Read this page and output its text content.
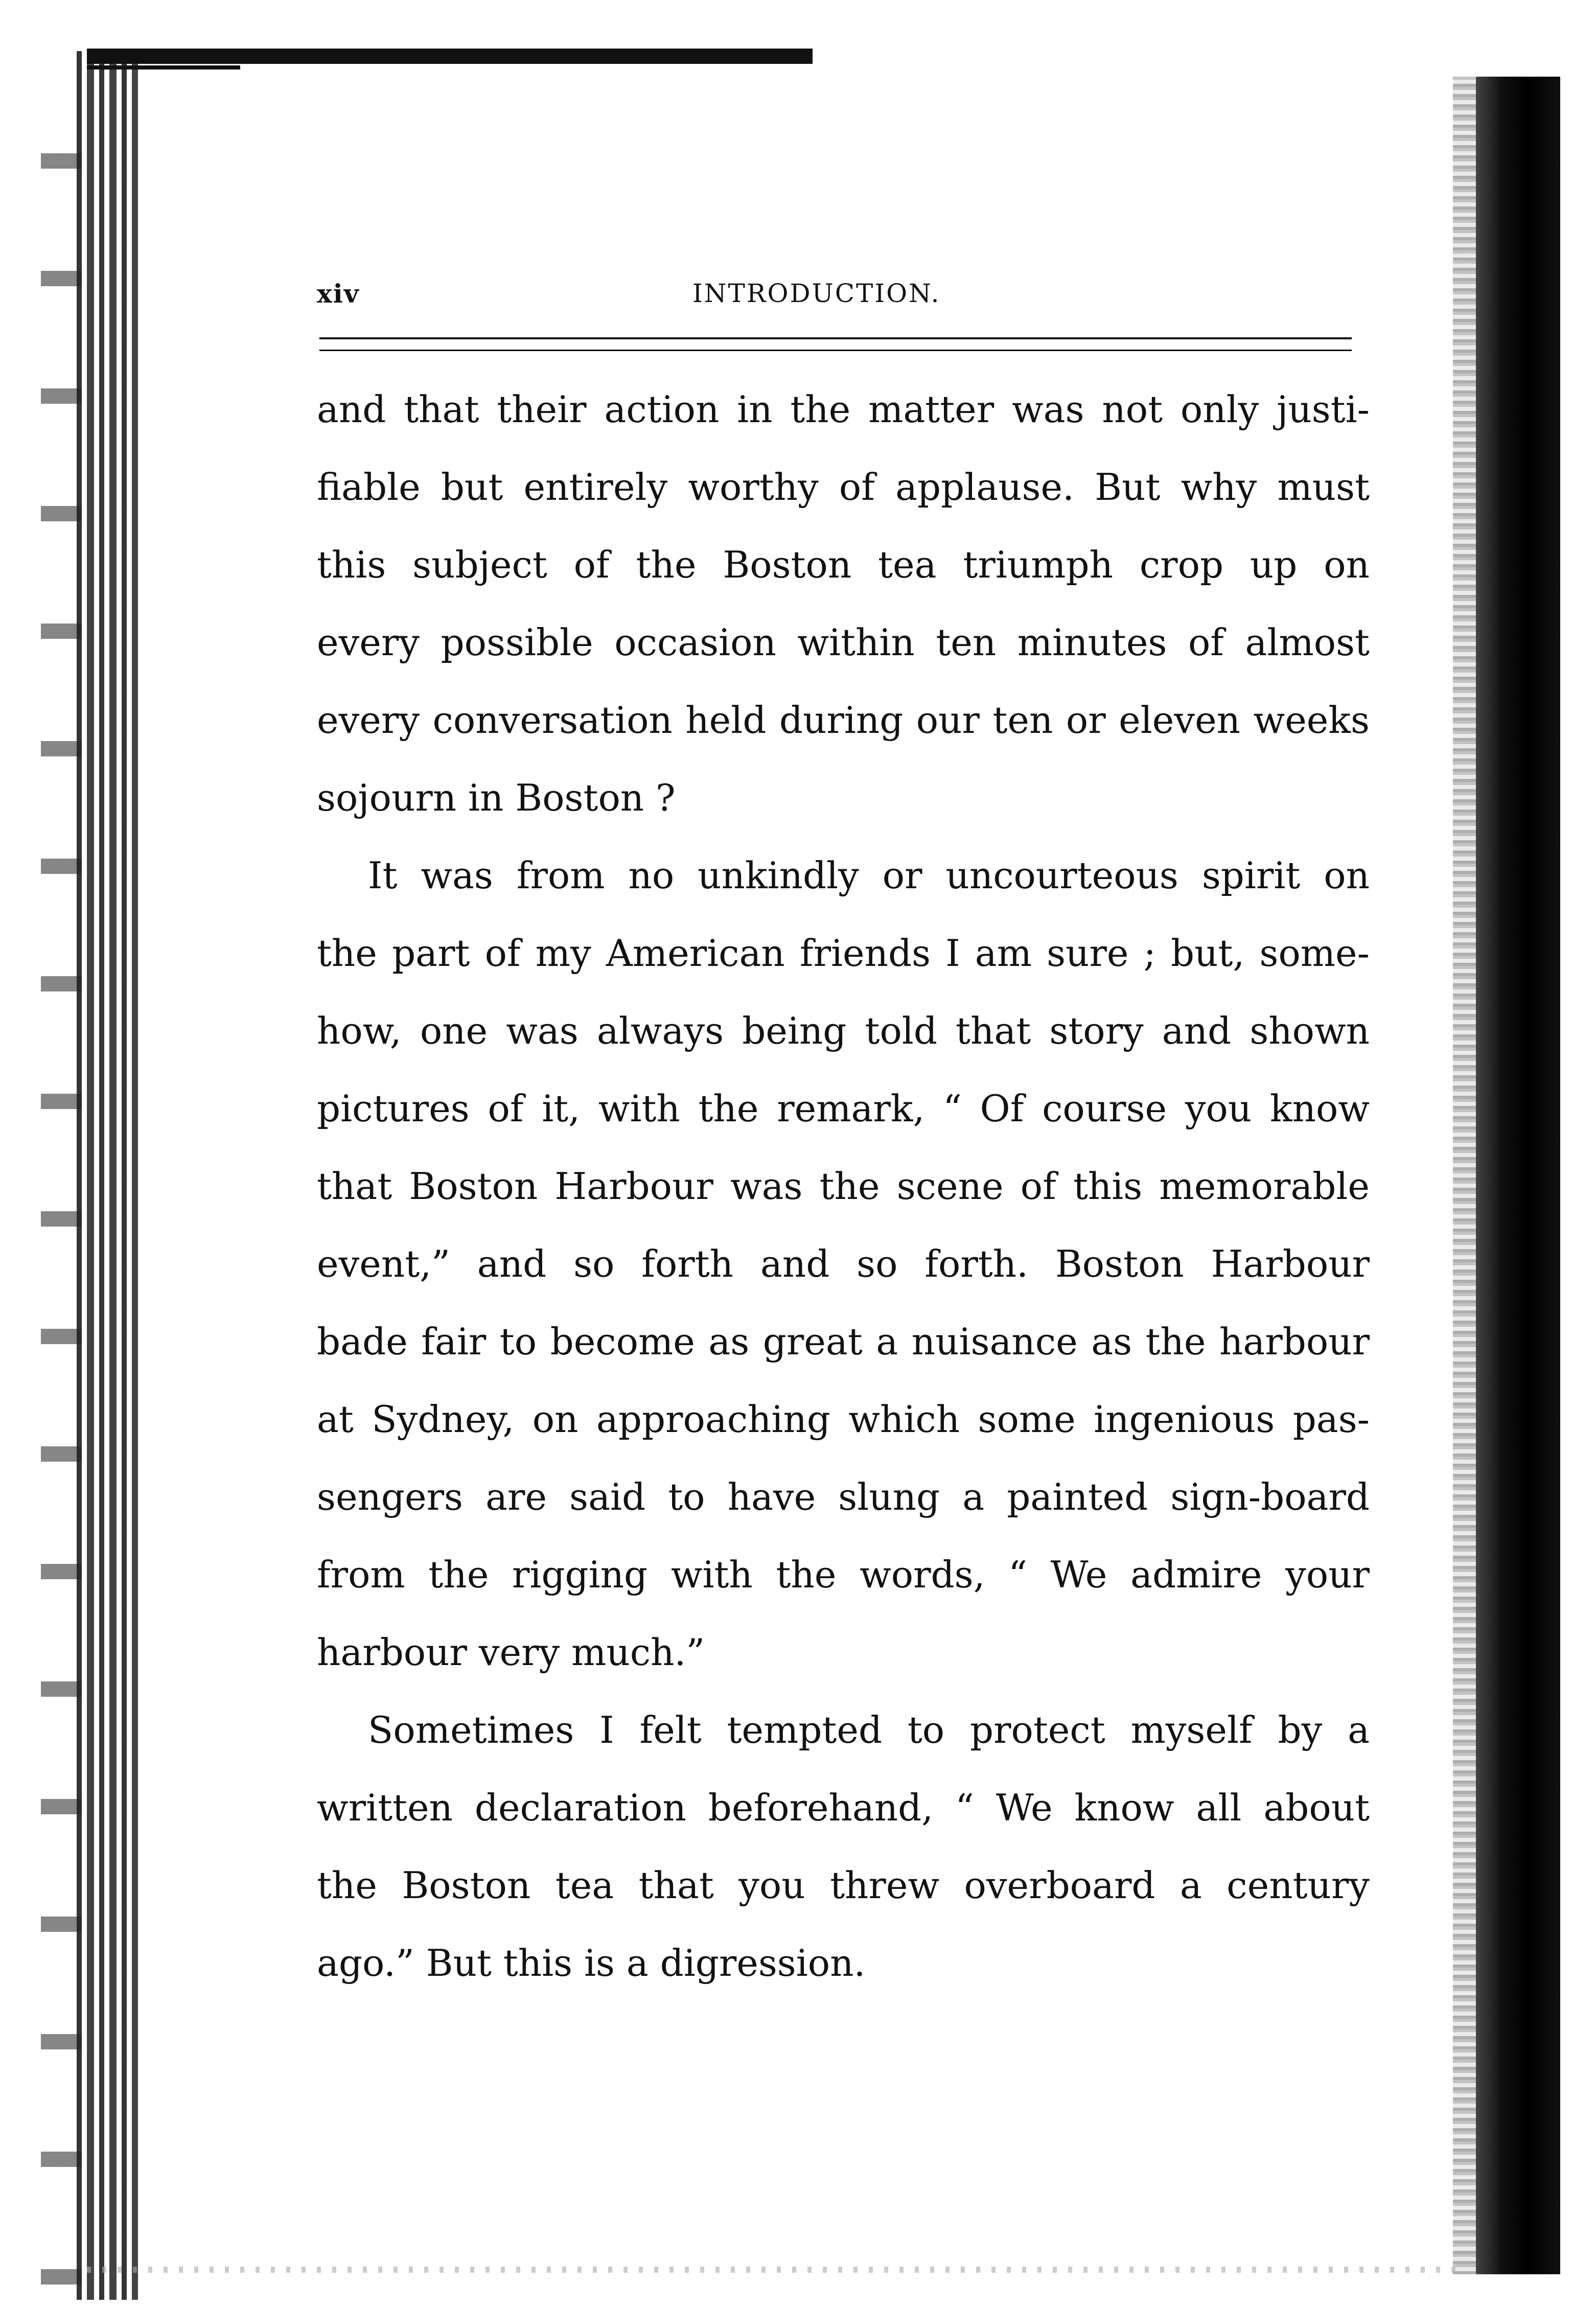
xiv	INTRODUCTION.

and that their action in the matter was not only justi-
fiable but entirely worthy of applause. But why must
this subject of the Boston tea triumph crop up on
every possible occasion within ten minutes of almost
every conversation held during our ten or eleven weeks
sojourn in Boston ?

It was from no unkindly or uncourteous spirit on
the part of my American friends I am sure ; but, some-
how, one was always being told that story and shown
pictures of it, with the remark, “ Of course you know
that Boston Harbour was the scene of this memorable
event,” and so forth and so forth. Boston Harbour
bade fair to become as great a nuisance as the harbour
at Sydney, on approaching which some ingenious pas-
sengers are said to have slung a painted sign-board
from the rigging with the words, “ We admire your
harbour very much.”

Sometimes I felt tempted to protect myself by a
written declaration beforehand, “ We know all about
the Boston tea that you threw overboard a century
ago.” But this is a digression.
